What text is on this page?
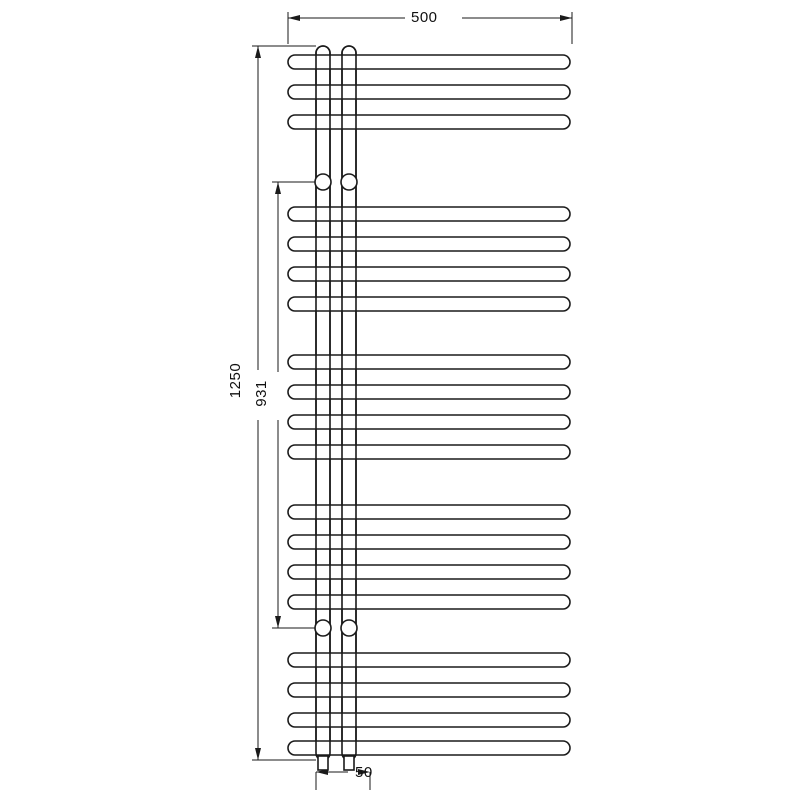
500
1250 931
50
